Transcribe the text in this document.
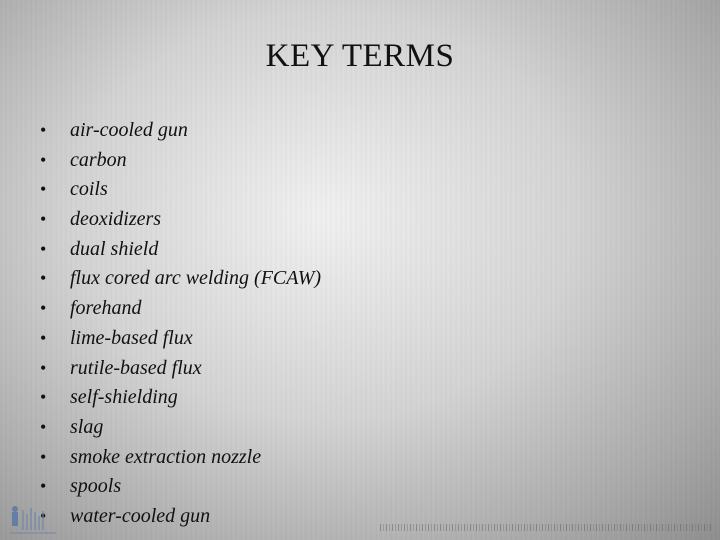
KEY TERMS
• air-cooled gun
• carbon
• coils
• deoxidizers
• dual shield
• flux cored arc welding (FCAW)
• forehand
• lime-based flux
• rutile-based flux
• self-shielding
• slag
• smoke extraction nozzle
• spools
• water-cooled gun
